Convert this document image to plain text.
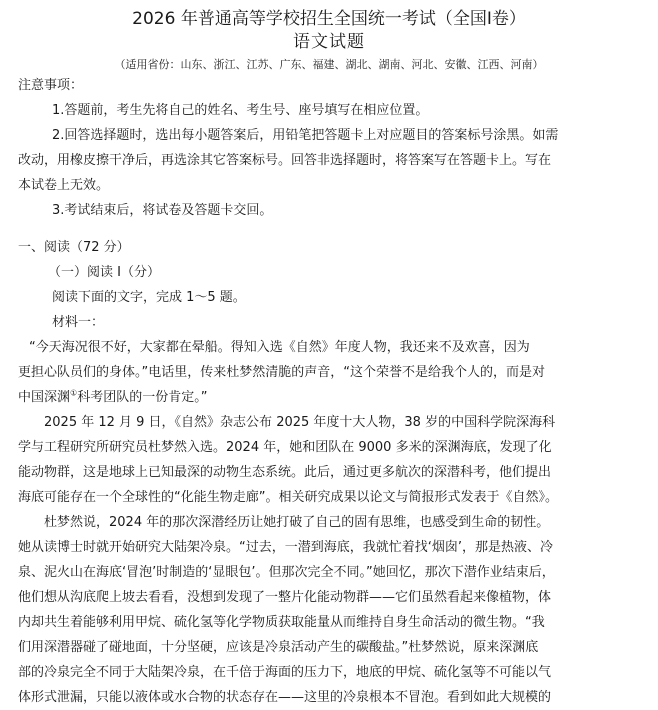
2026 年普通高等学校招生全国统一考试（全国I卷）
语文试题
（适用省份：山东、浙江、江苏、广东、福建、湖北、湖南、河北、安徽、江西、河南）

注意事项：

1.答题前，考生先将自己的姓名、考生号、座号填写在相应位置。

2.回答选择题时，选出每小题答案后，用铅笔把答题卡上对应题目的答案标号涂黑。如需

改动，用橡皮擦干净后，再选涂其它答案标号。回答非选择题时，将答案写在答题卡上。写在

本试卷上无效。

3.考试结束后，将试卷及答题卡交回。

一、阅读（72 分）
（一）阅读 I（分）
阅读下面的文字，完成 1～5 题。
材料一：

“今天海况很不好，大家都在晕船。得知入选《自然》年度人物，我还来不及欢喜，因为

更担心队员们的身体。”电话里，传来杜梦然清脆的声音，“这个荣誉不是给我个人的，而是对

中国深渊①科考团队的一份肯定。”

2025 年 12 月 9 日，《自然》杂志公布 2025 年度十大人物，38 岁的中国科学院深海科

学与工程研究所研究员杜梦然入选。2024 年，她和团队在 9000 多米的深渊海底，发现了化

能动物群，这是地球上已知最深的动物生态系统。此后，通过更多航次的深潜科考，他们提出

海底可能存在一个全球性的“化能生物走廊”。相关研究成果以论文与简报形式发表于《自然》。

杜梦然说，2024 年的那次深潜经历让她打破了自己的固有思维，也感受到生命的韧性。

她从读博士时就开始研究大陆架冷泉。“过去，一潜到海底，我就忙着找‘烟囱’，那是热液、冷

泉、泥火山在海底‘冒泡’时制造的‘显眼包’。但那次完全不同。”她回忆，那次下潜作业结束后，

他们想从沟底爬上坡去看看，没想到发现了一整片化能动物群——它们虽然看起来像植物，体

内却共生着能够利用甲烷、硫化氢等化学物质获取能量从而维持自身生命活动的微生物。“我

们用深潜器碰了碰地面，十分坚硬，应该是冷泉活动产生的碳酸盐。”杜梦然说，原来深渊底

部的冷泉完全不同于大陆架冷泉，在千倍于海面的压力下，地底的甲烷、硫化氢等不可能以气

体形式泄漏，只能以液体或水合物的状态存在——这里的冷泉根本不冒泡。看到如此大规模的
